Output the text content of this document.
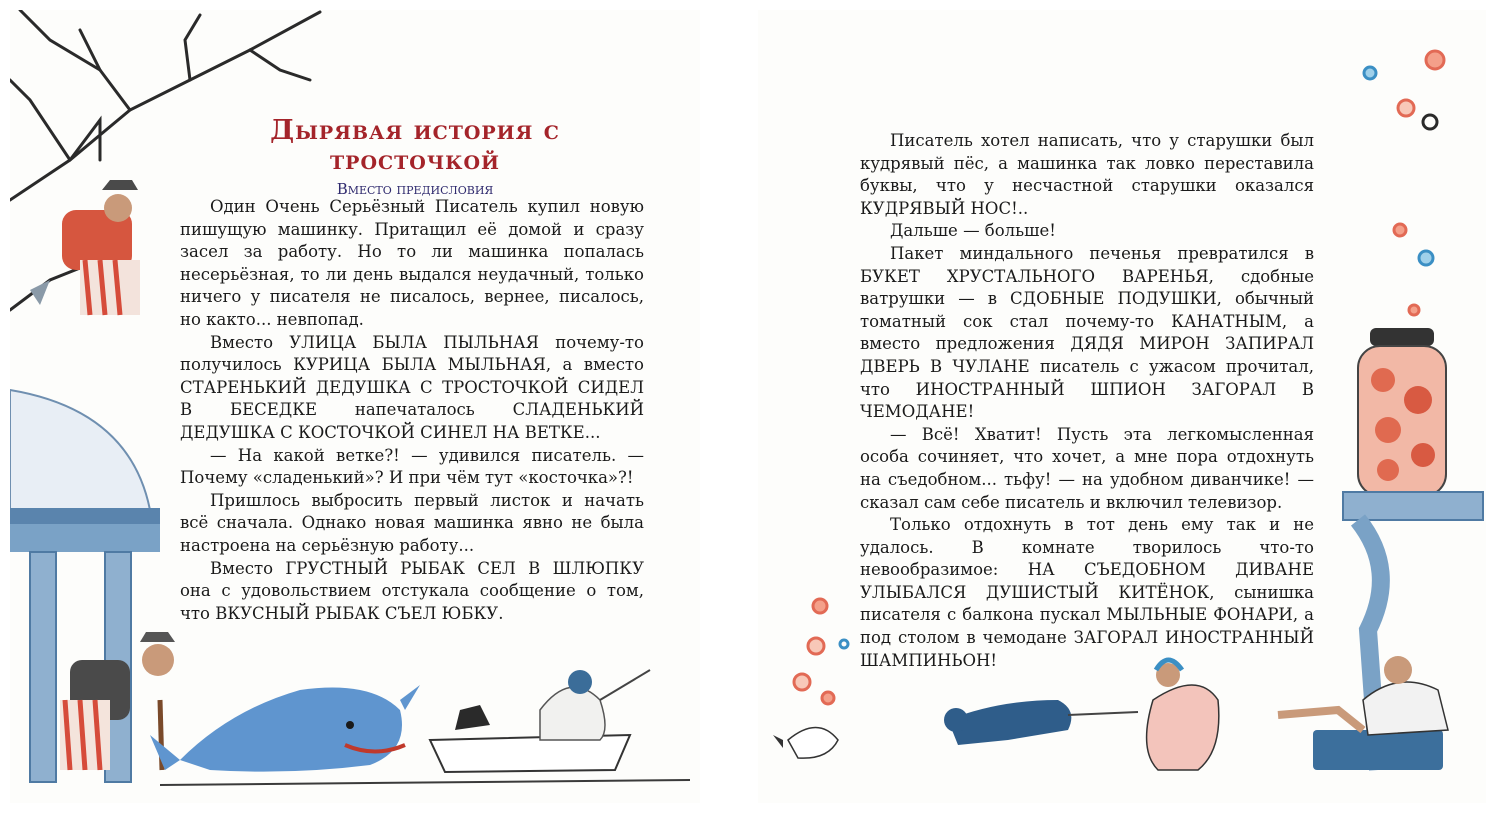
Дырявая история с тросточкой
Вместо предисловия

Один Очень Серьёзный Писатель купил новую пишущую машинку. Притащил её домой и сразу засел за работу. Но то ли машинка попалась несерьёзная, то ли день выдался неудачный, только ничего у писателя не писалось, вернее, писалось, но както... невпопад.

Вместо УЛИЦА БЫЛА ПЫЛЬНАЯ почему-то получилось КУРИЦА БЫЛА МЫЛЬНАЯ, а вместо СТАРЕНЬКИЙ ДЕДУШКА С ТРОСТОЧКОЙ СИДЕЛ В БЕСЕДКЕ напечаталось СЛАДЕНЬКИЙ ДЕДУШКА С КОСТОЧКОЙ СИНЕЛ НА ВЕТКЕ...

— На какой ветке?! — удивился писатель. — Почему «сладенький»? И при чём тут «косточка»?!

Пришлось выбросить первый листок и начать всё сначала. Однако новая машинка явно не была настроена на серьёзную работу...

Вместо ГРУСТНЫЙ РЫБАК СЕЛ В ШЛЮПКУ она с удовольствием отстукала сообщение о том, что ВКУСНЫЙ РЫБАК СЪЕЛ ЮБКУ.

Писатель хотел написать, что у старушки был кудрявый пёс, а машинка так ловко переставила буквы, что у несчастной старушки оказался КУДРЯВЫЙ НОС!..

Дальше — больше!

Пакет миндального печенья превратился в БУКЕТ ХРУСТАЛЬНОГО ВАРЕНЬЯ, сдобные ватрушки — в СДОБНЫЕ ПОДУШКИ, обычный томатный сок стал почему-то КАНАТНЫМ, а вместо предложения ДЯДЯ МИРОН ЗАПИРАЛ ДВЕРЬ В ЧУЛАНЕ писатель с ужасом прочитал, что ИНОСТРАННЫЙ ШПИОН ЗАГОРАЛ В ЧЕМОДАНЕ!

— Всё! Хватит! Пусть эта легкомысленная особа сочиняет, что хочет, а мне пора отдохнуть на съедобном... тьфу! — на удобном диванчике! — сказал сам себе писатель и включил телевизор.

Только отдохнуть в тот день ему так и не удалось. В комнате творилось что-то невообразимое: НА СЪЕДОБНОМ ДИВАНЕ УЛЫБАЛСЯ ДУШИСТЫЙ КИТЁНОК, сынишка писателя с балкона пускал МЫЛЬНЫЕ ФОНАРИ, а под столом в чемодане ЗАГОРАЛ ИНОСТРАННЫЙ ШАМПИНЬОН!
